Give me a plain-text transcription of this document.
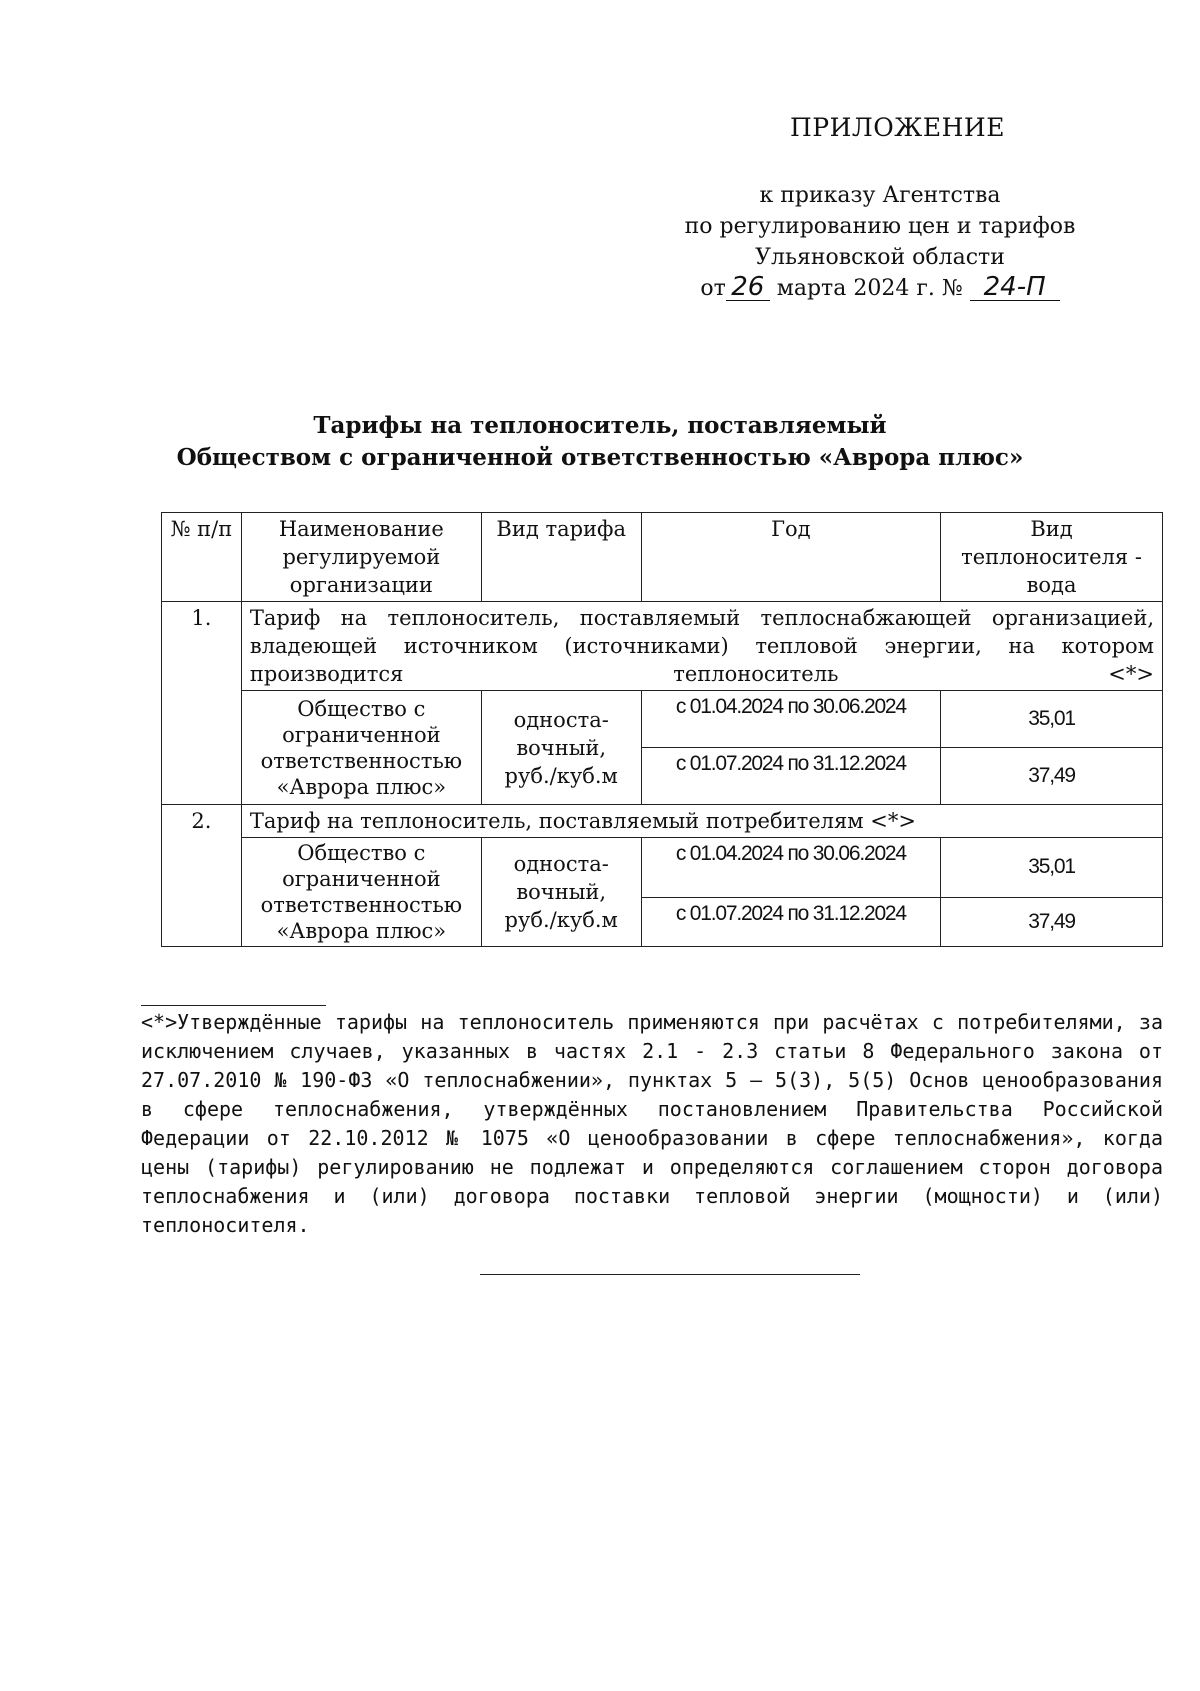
ПРИЛОЖЕНИЕ
к приказу Агентства
по регулированию цен и тарифов
Ульяновской области
от 26 марта 2024 г. № 24-П
Тарифы на теплоноситель, поставляемый
Обществом с ограниченной ответственностью «Аврора плюс»
№ п/п	Наименование регулируемой организации	Вид тарифа	Год	Вид теплоносителя - вода
1.	Тариф на теплоноситель, поставляемый теплоснабжающей организацией, владеющей источником (источниками) тепловой энергии, на котором производится теплоноситель <*>			
	Общество с ограниченной ответственностью «Аврора плюс»	односта-вочный, руб./куб.м	с 01.04.2024 по 30.06.2024	35,01
			с 01.07.2024 по 31.12.2024	37,49
2.	Тариф на теплоноситель, поставляемый потребителям <*>			
	Общество с ограниченной ответственностью «Аврора плюс»	односта-вочный, руб./куб.м	с 01.04.2024 по 30.06.2024	35,01
			с 01.07.2024 по 31.12.2024	37,49
<*>Утверждённые тарифы на теплоноситель применяются при расчётах с потребителями, за исключением случаев, указанных в частях 2.1 - 2.3 статьи 8 Федерального закона от 27.07.2010 № 190-ФЗ «О теплоснабжении», пунктах 5 – 5(3), 5(5) Основ ценообразования в сфере теплоснабжения, утверждённых постановлением Правительства Российской Федерации от 22.10.2012 № 1075 «О ценообразовании в сфере теплоснабжения», когда цены (тарифы) регулированию не подлежат и определяются соглашением сторон договора теплоснабжения и (или) договора поставки тепловой энергии (мощности) и (или) теплоносителя.
